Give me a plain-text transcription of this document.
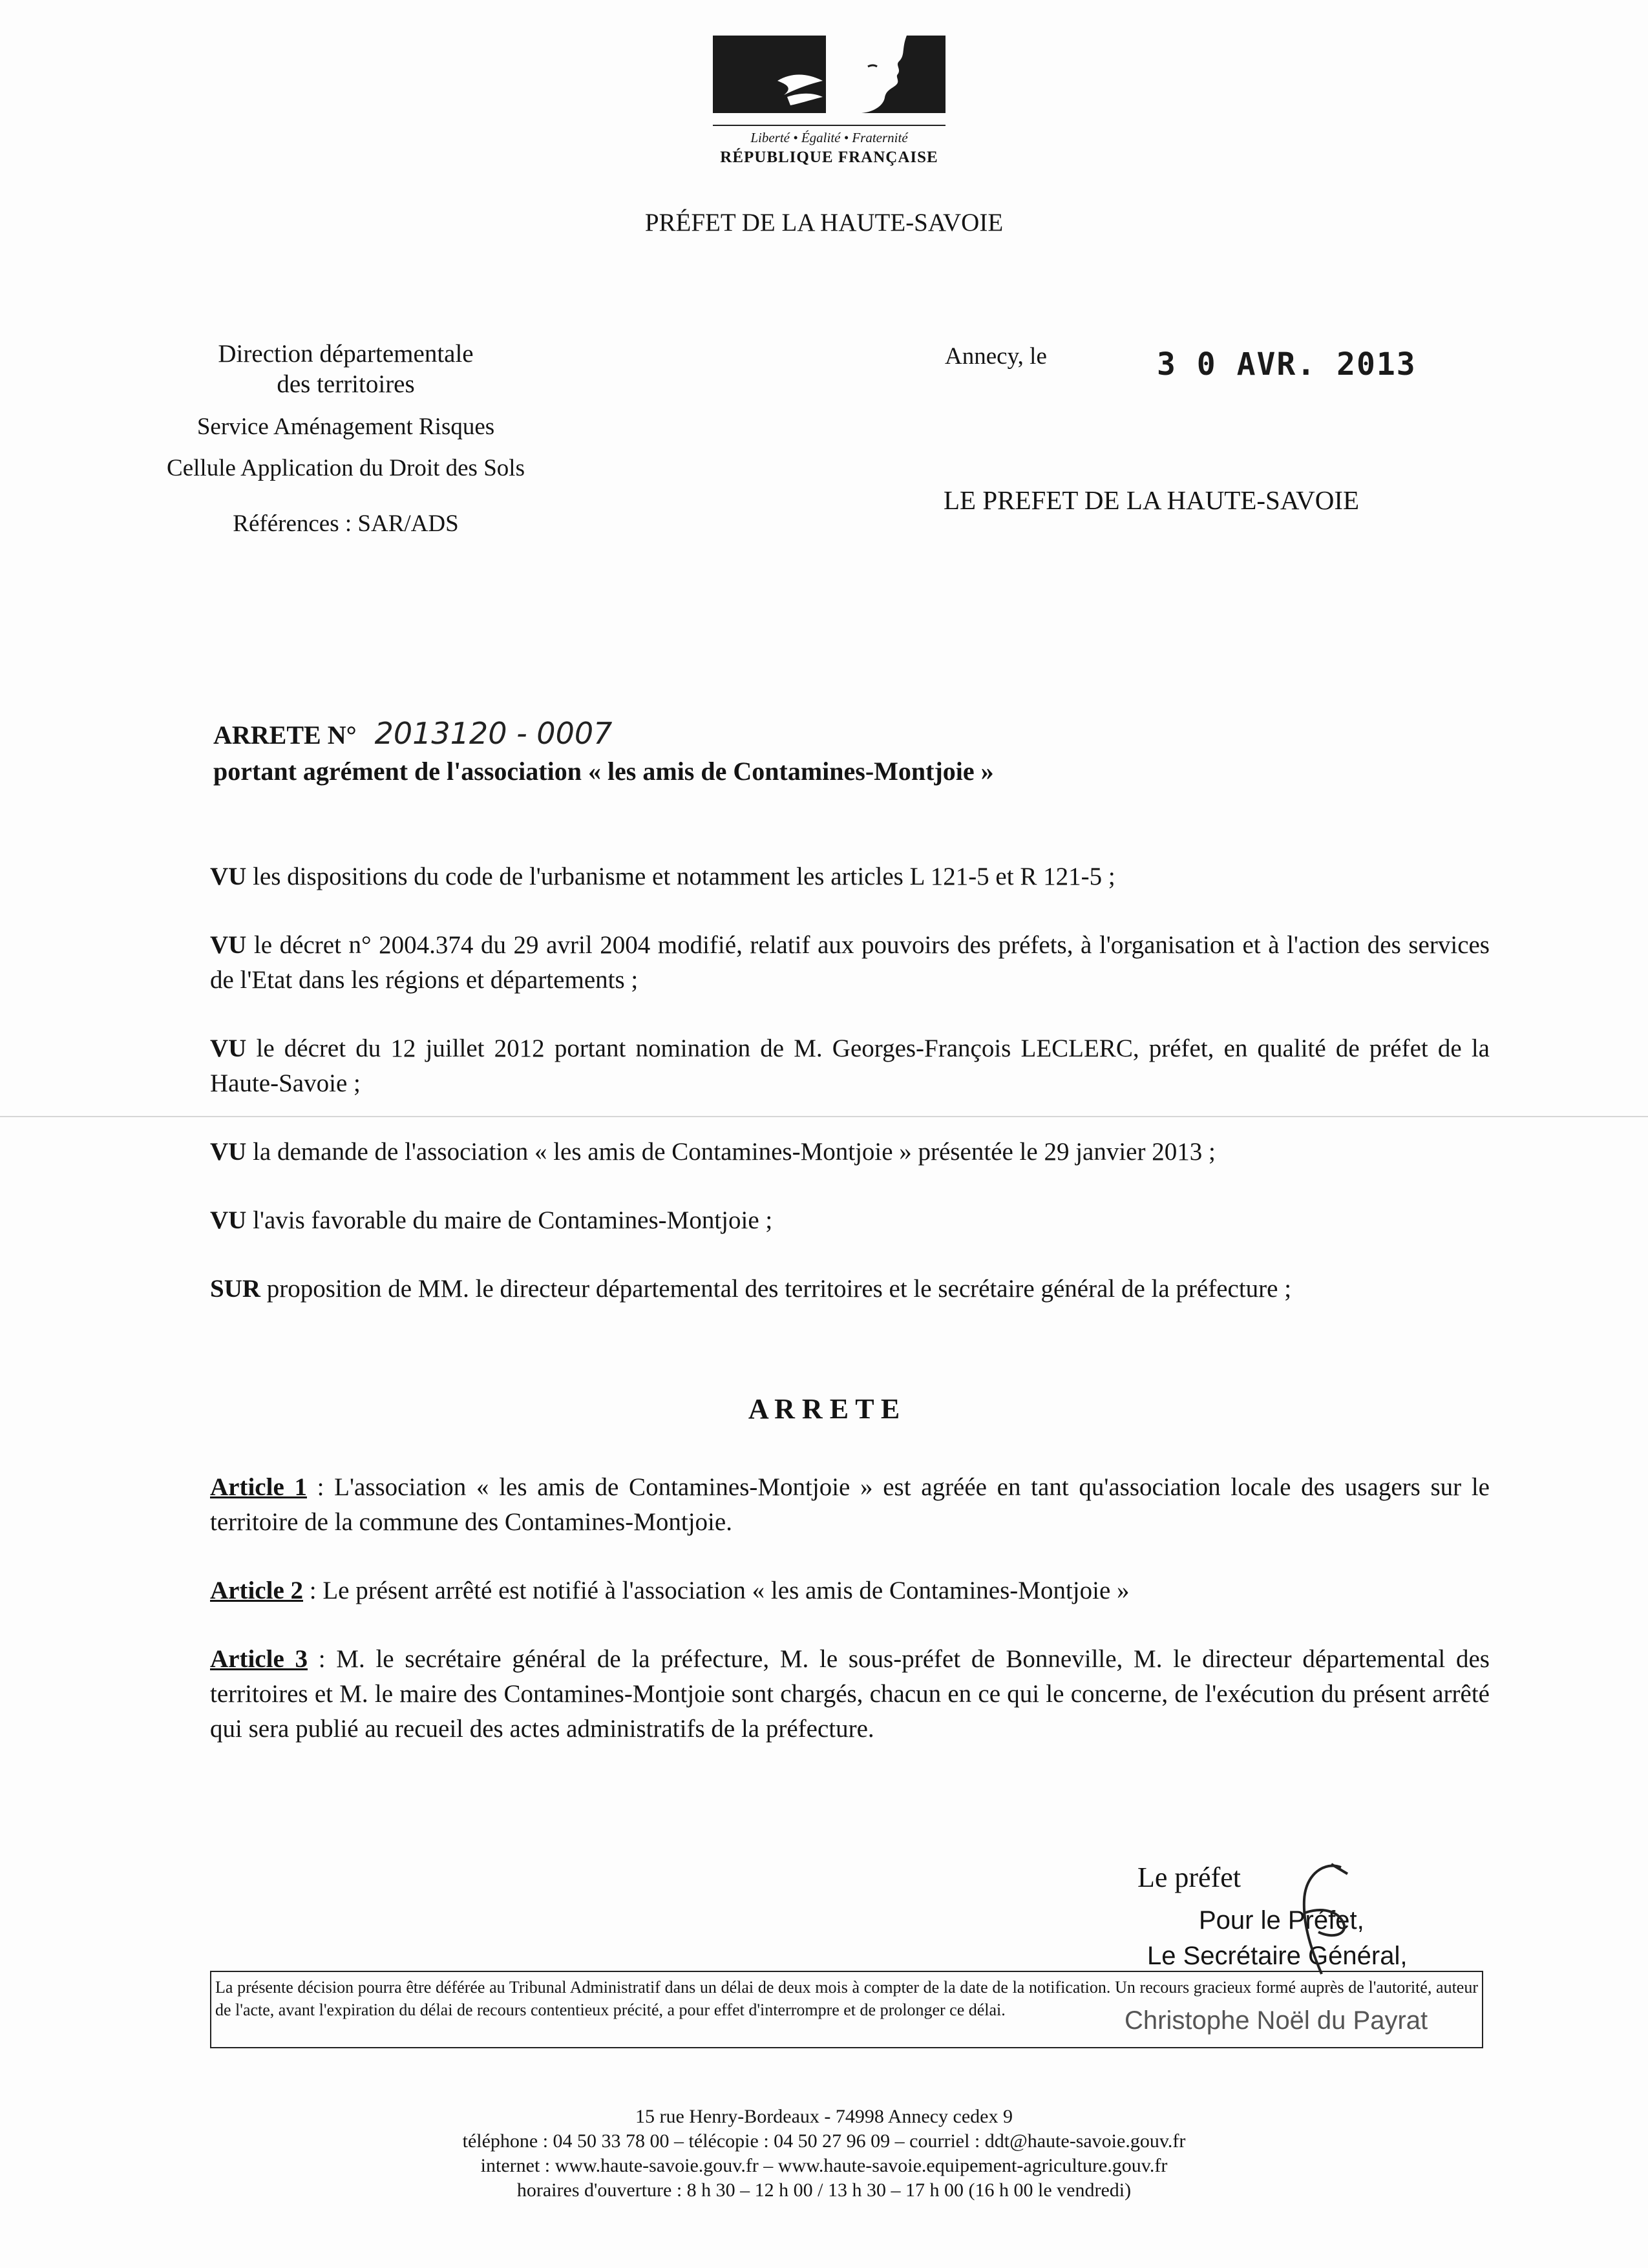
Liberté • Égalité • Fraternité
RÉPUBLIQUE FRANÇAISE
PRÉFET DE LA HAUTE-SAVOIE
Direction départementale
des territoires
Service Aménagement Risques
Cellule Application du Droit des Sols
Références : SAR/ADS
Annecy, le	3 0 AVR. 2013
LE PREFET DE LA HAUTE-SAVOIE
ARRETE N° 2013120 - 0007
portant agrément de l'association « les amis de Contamines-Montjoie »

VU les dispositions du code de l'urbanisme et notamment les articles L 121-5 et R 121-5 ;

VU le décret n° 2004.374 du 29 avril 2004 modifié, relatif aux pouvoirs des préfets, à l'organisation et à l'action des services de l'Etat dans les régions et départements ;

VU le décret du 12 juillet 2012 portant nomination de M. Georges-François LECLERC, préfet, en qualité de préfet de la Haute-Savoie ;

VU la demande de l'association « les amis de Contamines-Montjoie » présentée le 29 janvier 2013 ;

VU l'avis favorable du maire de Contamines-Montjoie ;

SUR proposition de MM. le directeur départemental des territoires et le secrétaire général de la préfecture ;

A R R E T E

Article 1 : L'association « les amis de Contamines-Montjoie » est agréée en tant qu'association locale des usagers sur le territoire de la commune des Contamines-Montjoie.

Article 2 : Le présent arrêté est notifié à l'association « les amis de Contamines-Montjoie »

Article 3 : M. le secrétaire général de la préfecture, M. le sous-préfet de Bonneville, M. le directeur départemental des territoires et M. le maire des Contamines-Montjoie sont chargés, chacun en ce qui le concerne, de l'exécution du présent arrêté qui sera publié au recueil des actes administratifs de la préfecture.

Le préfet
Pour le Préfet,
Le Secrétaire Général,
La présente décision pourra être déférée au Tribunal Administratif dans un délai de deux mois à compter de la date de la notification. Un recours gracieux formé auprès de l'autorité, auteur de l'acte, avant l'expiration du délai de recours contentieux précité, a pour effet d'interrompre et de prolonger ce délai.	Christophe Noël du Payrat
15 rue Henry-Bordeaux - 74998 Annecy cedex 9
téléphone : 04 50 33 78 00 – télécopie : 04 50 27 96 09 – courriel : ddt@haute-savoie.gouv.fr
internet : www.haute-savoie.gouv.fr – www.haute-savoie.equipement-agriculture.gouv.fr
horaires d'ouverture : 8 h 30 – 12 h 00 / 13 h 30 – 17 h 00 (16 h 00 le vendredi)
